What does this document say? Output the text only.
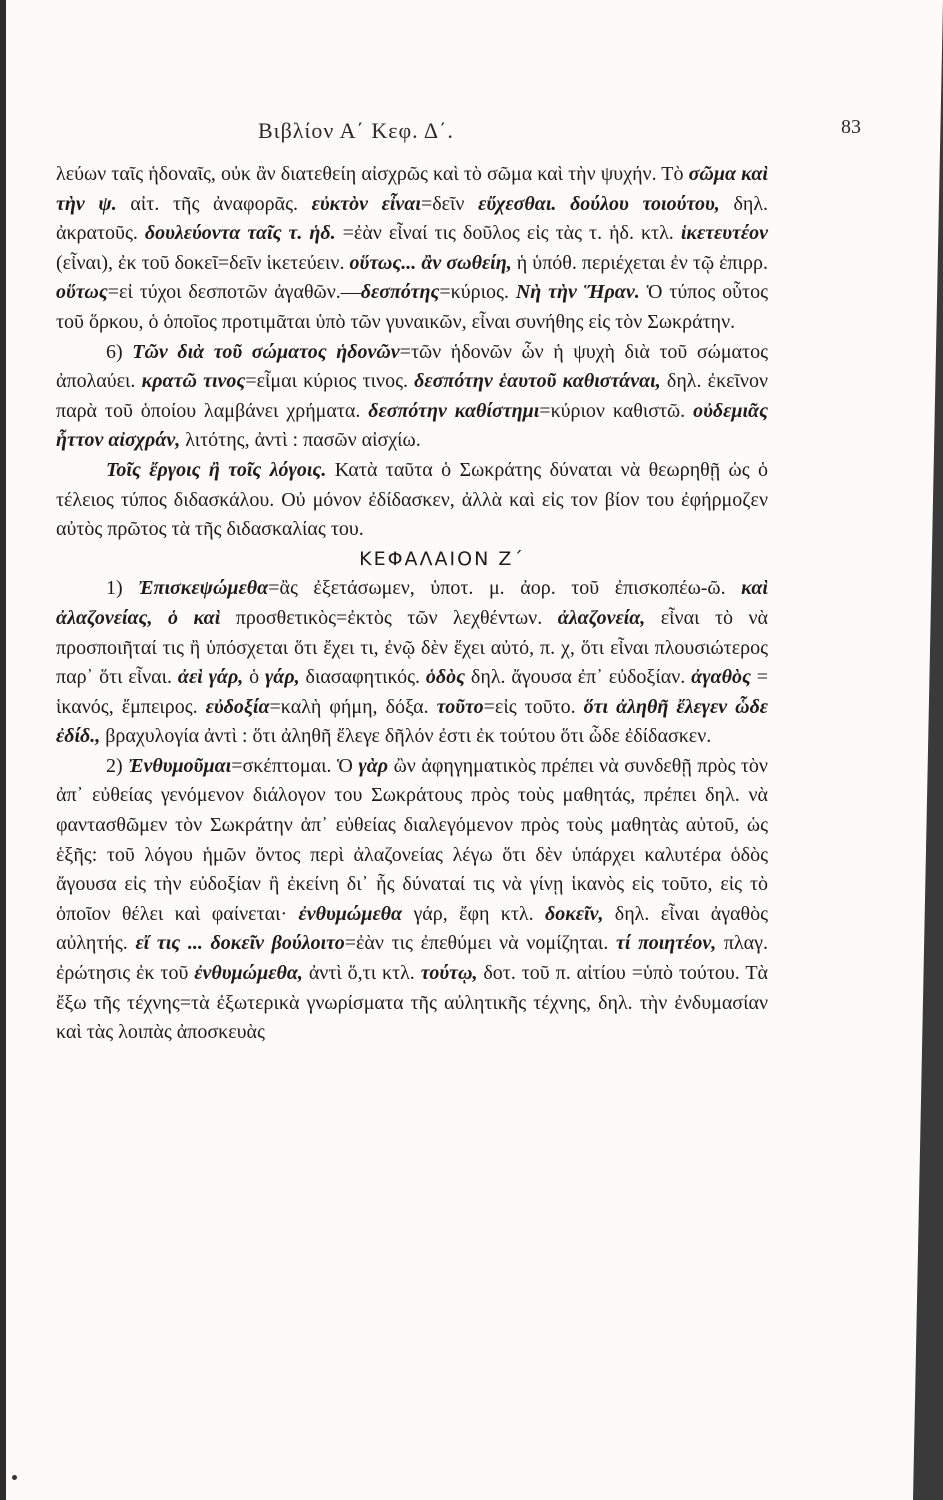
Βιβλίον Α΄ Κεφ. Δ΄.	83

λεύων ταῖς ἡδοναῖς, οὐκ ἂν διατεθείη αἰσχρῶς καὶ τὸ σῶμα καὶ τὴν ψυχήν. Τὸ σῶμα καὶ τὴν ψ. αἰτ. τῆς ἀναφορᾶς. εὐκτὸν εἶναι=δεῖν εὔχεσθαι. δούλου τοιούτου, δηλ. ἀκρατοῦς. δουλεύοντα ταῖς τ. ἡδ. =ἐὰν εἶναί τις δοῦλος εἰς τὰς τ. ἡδ. κτλ. ἱκετευτέον (εἶναι), ἐκ τοῦ δοκεῖ=δεῖν ἱκετεύειν. οὕτως... ἂν σωθείη, ἡ ὑπόθ. περιέχεται ἐν τῷ ἐπιρρ. οὕτως=εἰ τύχοι δεσποτῶν ἀγαθῶν.—δεσπότης=κύριος. Νὴ τὴν Ἥραν. Ὁ τύπος οὗτος τοῦ ὅρκου, ὁ ὁποῖος προτιμᾶται ὑπὸ τῶν γυναικῶν, εἶναι συνήθης εἰς τὸν Σωκράτην.

6) Τῶν διὰ τοῦ σώματος ἡδονῶν=τῶν ἡδονῶν ὧν ἡ ψυχὴ διὰ τοῦ σώματος ἀπολαύει. κρατῶ τινος=εἶμαι κύριος τινος. δεσπότην ἑαυτοῦ καθιστάναι, δηλ. ἐκεῖνον παρὰ τοῦ ὁποίου λαμβάνει χρήματα. δεσπότην καθίστημι=κύριον καθιστῶ. οὐδεμιᾶς ἧττον αἰσχράν, λιτότης, ἀντὶ : πασῶν αἰσχίω.

Τοῖς ἔργοις ἢ τοῖς λόγοις. Κατὰ ταῦτα ὁ Σωκράτης δύναται νὰ θεωρηθῇ ὡς ὁ τέλειος τύπος διδασκάλου. Οὐ μόνον ἐδίδασκεν, ἀλλὰ καὶ εἰς τον βίον του ἐφήρμοζεν αὐτὸς πρῶτος τὰ τῆς διδασκαλίας του.

ΚΕΦΑΛΑΙΟΝ Ζ΄

1) Ἐπισκεψώμεθα=ἂς ἐξετάσωμεν, ὑποτ. μ. ἀορ. τοῦ ἐπισκοπέω-ῶ. καὶ ἀλαζονείας, ὁ καὶ προσθετικὸς=ἐκτὸς τῶν λεχθέντων. ἀλαζονεία, εἶναι τὸ νὰ προσποιῆταί τις ἢ ὑπόσχεται ὅτι ἔχει τι, ἐνῷ δὲν ἔχει αὐτό, π. χ, ὅτι εἶναι πλουσιώτερος παρ᾿ ὅτι εἶναι. ἀεὶ γάρ, ὁ γάρ, διασαφητικός. ὁδὸς δηλ. ἄγουσα ἐπ᾿ εὐδοξίαν. ἀγαθὸς = ἱκανός, ἔμπειρος. εὐδοξία=καλὴ φήμη, δόξα. τοῦτο=εἰς τοῦτο. ὅτι ἀληθῆ ἔλεγεν ὧδε ἐδίδ., βραχυλογία ἀντὶ : ὅτι ἀληθῆ ἔλεγε δῆλόν ἐστι ἐκ τούτου ὅτι ὧδε ἐδίδασκεν.

2) Ἐνθυμοῦμαι=σκέπτομαι. Ὁ γὰρ ὢν ἀφηγηματικὸς πρέπει νὰ συνδεθῇ πρὸς τὸν ἀπ᾿ εὐθείας γενόμενον διάλογον του Σωκράτους πρὸς τοὺς μαθητάς, πρέπει δηλ. νὰ φαντασθῶμεν τὸν Σωκράτην ἀπ᾿ εὐθείας διαλεγόμενον πρὸς τοὺς μαθητὰς αὐτοῦ, ὡς ἑξῆς: τοῦ λόγου ἡμῶν ὄντος περὶ ἀλαζονείας λέγω ὅτι δὲν ὑπάρχει καλυτέρα ὁδὸς ἄγουσα εἰς τὴν εὐδοξίαν ἢ ἐκείνη δι᾿ ἧς δύναταί τις νὰ γίνῃ ἱκανὸς εἰς τοῦτο, εἰς τὸ ὁποῖον θέλει καὶ φαίνεται· ἐνθυμώμεθα γάρ, ἔφη κτλ. δοκεῖν, δηλ. εἶναι ἀγαθὸς αὐλητής. εἴ τις ... δοκεῖν βούλοιτο=ἐὰν τις ἐπεθύμει νὰ νομίζηται. τί ποιητέον, πλαγ. ἐρώτησις ἐκ τοῦ ἐνθυμώμεθα, ἀντὶ ὅ,τι κτλ. τούτῳ, δοτ. τοῦ π. αἰτίου =ὑπὸ τούτου. Τὰ ἔξω τῆς τέχνης=τὰ ἐξωτερικὰ γνωρίσματα τῆς αὐλητικῆς τέχνης, δηλ. τὴν ἐνδυμασίαν καὶ τὰς λοιπὰς ἀποσκευὰς
